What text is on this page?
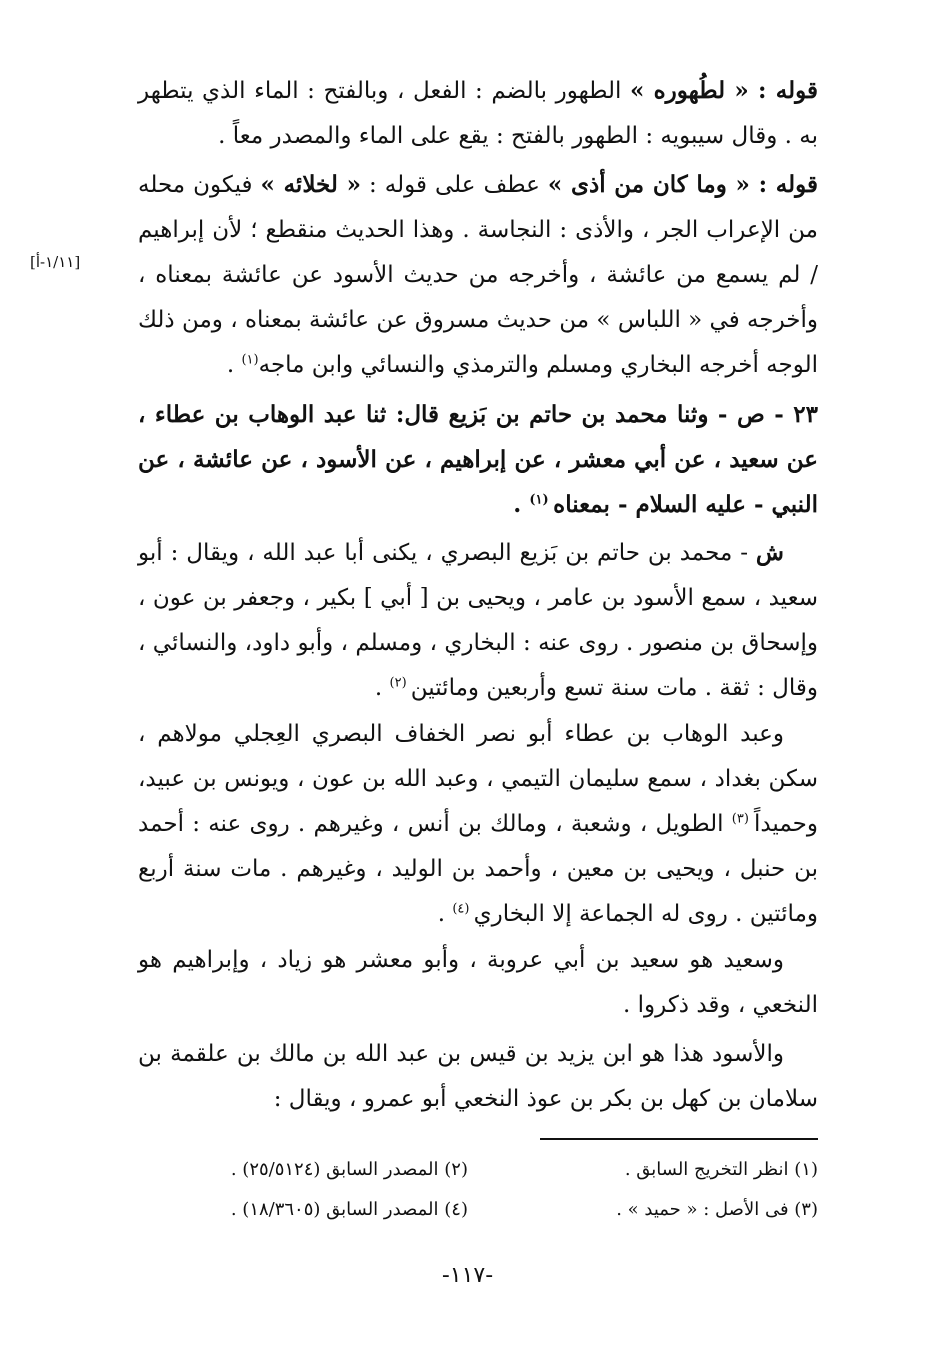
قوله : « لطُهوره » الطهور بالضم : الفعل ، وبالفتح : الماء الذي يتطهر به . وقال سيبويه : الطهور بالفتح : يقع على الماء والمصدر معاً .

قوله : « وما كان من أذى » عطف على قوله : « لخلائه » فيكون محله من الإعراب الجر ، والأذى : النجاسة . وهذا الحديث منقطع ؛ لأن إبراهيم / لم يسمع من عائشة ، وأخرجه من حديث الأسود عن عائشة بمعناه ، وأخرجه في « اللباس » من حديث مسروق عن عائشة بمعناه ، ومن ذلك الوجه أخرجه البخاري ومسلم والترمذي والنسائي وابن ماجه$^{(١)}$ .

[١/١١-أ]

٢٣ - ص - وثنا محمد بن حاتم بن بَزيع قال: ثنا عبد الوهاب بن عطاء ، عن سعيد ، عن أبي معشر ، عن إبراهيم ، عن الأسود ، عن عائشة ، عن النبي - عليه السلام - بمعناه $^{(١)}$ .

ش - محمد بن حاتم بن بَزيع البصري ، يكنى أبا عبد الله ، ويقال : أبو سعيد ، سمع الأسود بن عامر ، ويحيى بن [ أبي ] بكير ، وجعفر بن عون ، وإسحاق بن منصور . روى عنه : البخاري ، ومسلم ، وأبو داود، والنسائي ، وقال : ثقة . مات سنة تسع وأربعين ومائتين $^{(٢)}$ .

وعبد الوهاب بن عطاء أبو نصر الخفاف البصري العِجلي مولاهم ، سكن بغداد ، سمع سليمان التيمي ، وعبد الله بن عون ، ويونس بن عبيد، وحميداً $^{(٣)}$ الطويل ، وشعبة ، ومالك بن أنس ، وغيرهم . روى عنه : أحمد بن حنبل ، ويحيى بن معين ، وأحمد بن الوليد ، وغيرهم . مات سنة أربع ومائتين . روى له الجماعة إلا البخاري $^{(٤)}$ .

وسعيد هو سعيد بن أبي عروبة ، وأبو معشر هو زياد ، وإبراهيم هو النخعي ، وقد ذكروا .

والأسود هذا هو ابن يزيد بن قيس بن عبد الله بن مالك بن علقمة بن سلامان بن كهل بن بكر بن عوذ النخعي أبو عمرو ، ويقال :

(١) انظر التخريج السابق .
(٢) المصدر السابق (٢٥/٥١٢٤) .
(٣) فى الأصل : « حميد » .
(٤) المصدر السابق (١٨/٣٦٠٥) .
-١١٧-
